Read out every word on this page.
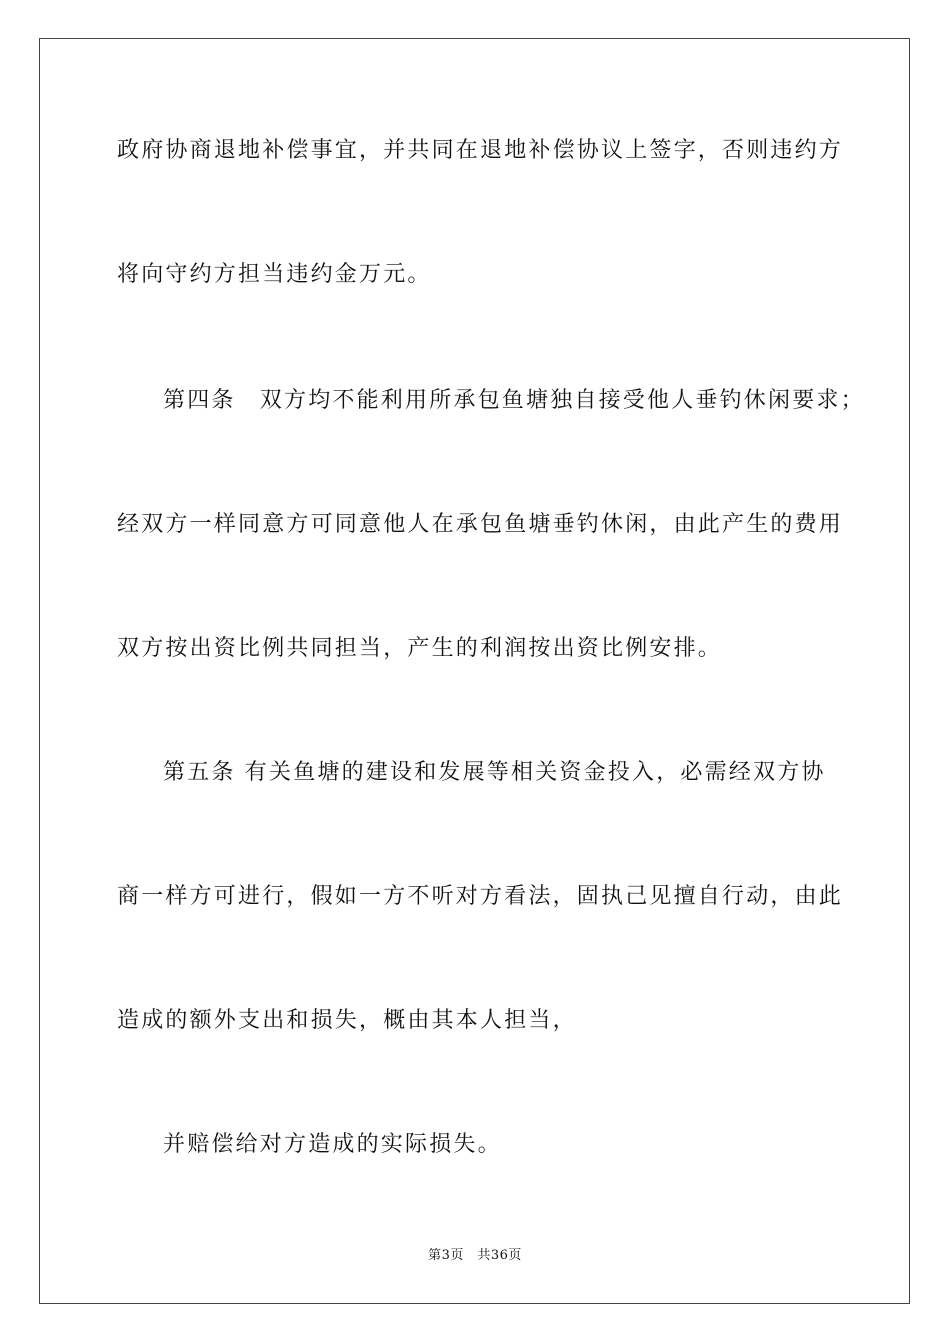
政府协商退地补偿事宜，并共同在退地补偿协议上签字，否则违约方
将向守约方担当违约金万元。
第四条　双方均不能利用所承包鱼塘独自接受他人垂钓休闲要求；
经双方一样同意方可同意他人在承包鱼塘垂钓休闲，由此产生的费用
双方按出资比例共同担当，产生的利润按出资比例安排。
第五条 有关鱼塘的建设和发展等相关资金投入，必需经双方协
商一样方可进行，假如一方不听对方看法，固执己见擅自行动，由此
造成的额外支出和损失，概由其本人担当，
并赔偿给对方造成的实际损失。
第3页　共36页
